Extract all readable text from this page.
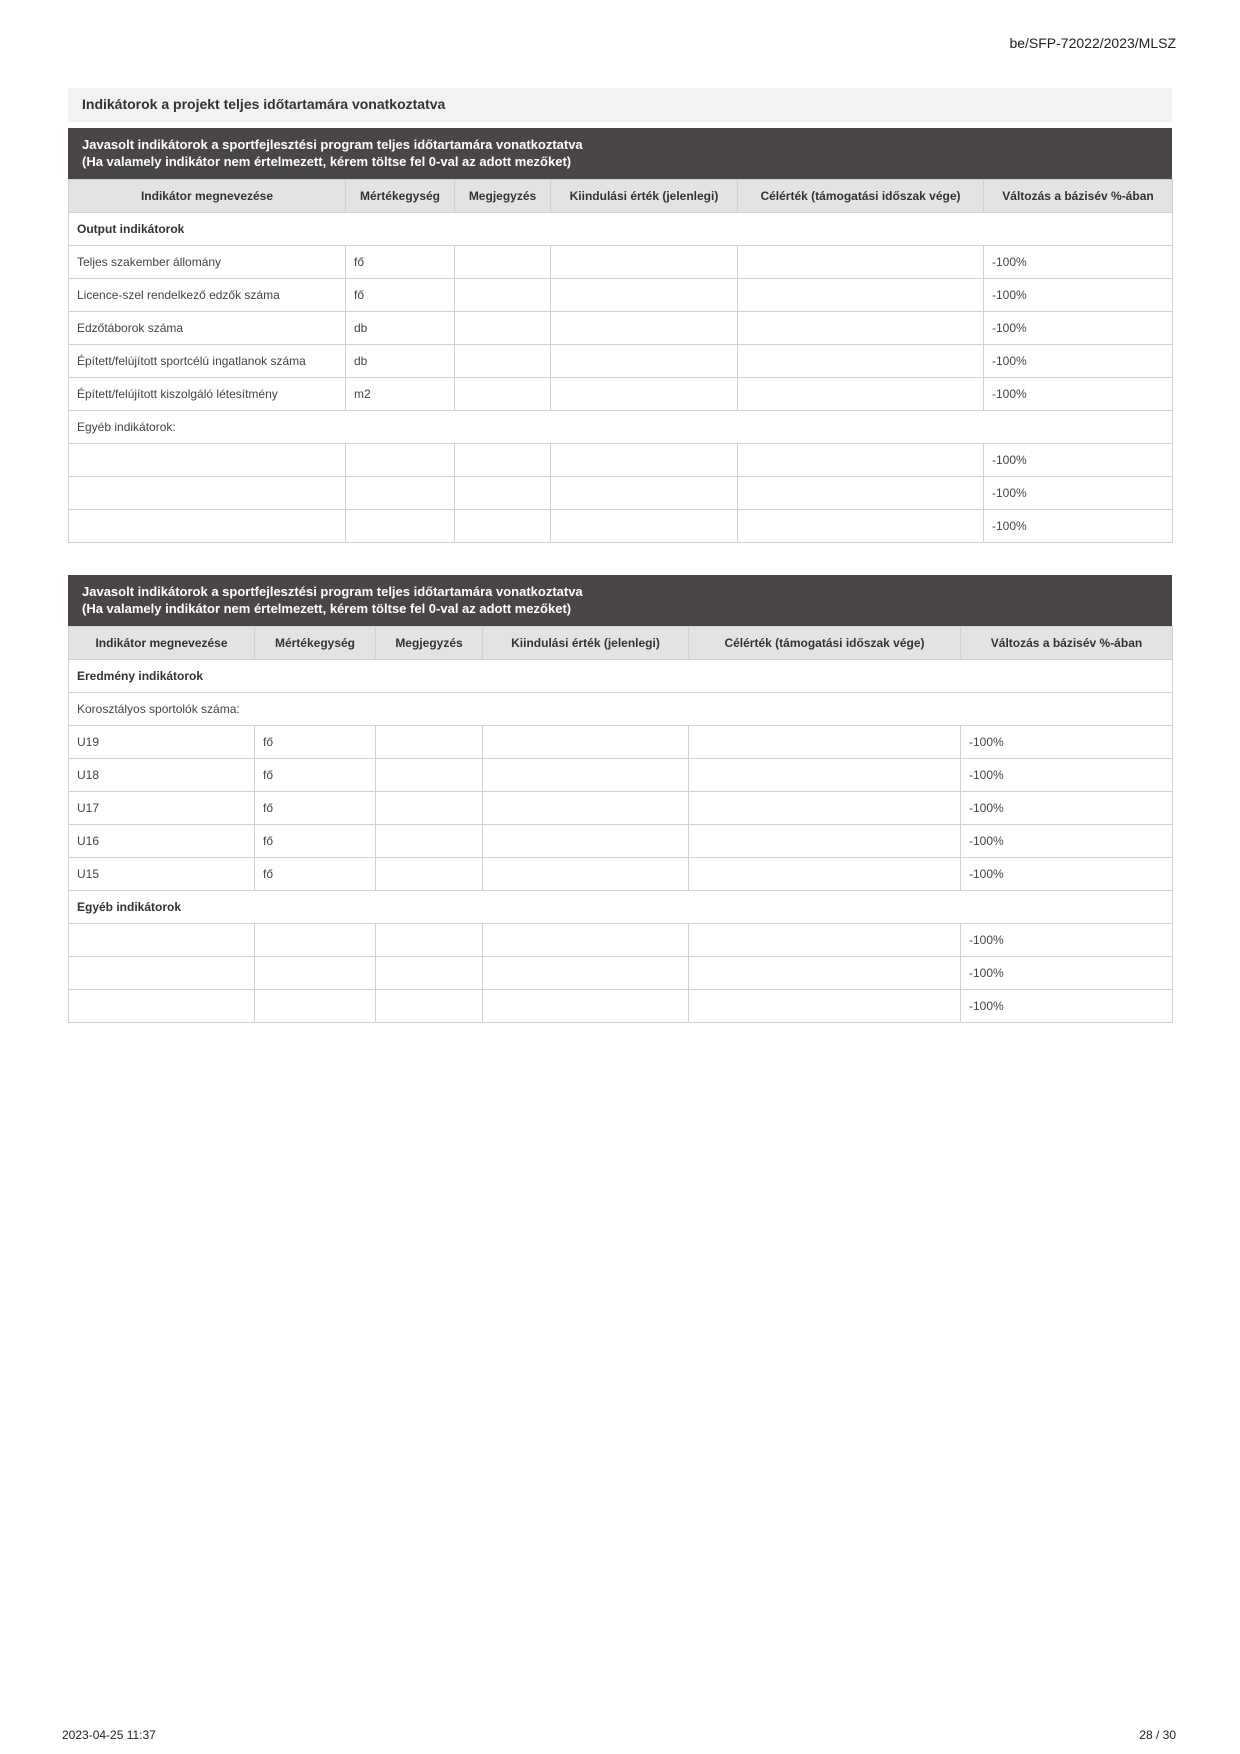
be/SFP-72022/2023/MLSZ
Indikátorok a projekt teljes időtartamára vonatkoztatva
Javasolt indikátorok a sportfejlesztési program teljes időtartamára vonatkoztatva
(Ha valamely indikátor nem értelmezett, kérem töltse fel 0-val az adott mezőket)
Indikátor megnevezése	Mértékegység	Megjegyzés	Kiindulási érték (jelenlegi)	Célérték (támogatási időszak vége)	Változás a bázisév %-ában
Output indikátorok					
Teljes szakember állomány	fő				-100%
Licence-szel rendelkező edzők száma	fő				-100%
Edzőtáborok száma	db				-100%
Épített/felújított sportcélú ingatlanok száma	db				-100%
Épített/felújított kiszolgáló létesítmény	m2				-100%
Egyéb indikátorok:					
					-100%
					-100%
					-100%
Javasolt indikátorok a sportfejlesztési program teljes időtartamára vonatkoztatva
(Ha valamely indikátor nem értelmezett, kérem töltse fel 0-val az adott mezőket)
Indikátor megnevezése	Mértékegység	Megjegyzés	Kiindulási érték (jelenlegi)	Célérték (támogatási időszak vége)	Változás a bázisév %-ában
Eredmény indikátorok					
Korosztályos sportolók száma:					
U19	fő				-100%
U18	fő				-100%
U17	fő				-100%
U16	fő				-100%
U15	fő				-100%
Egyéb indikátorok					
					-100%
					-100%
					-100%
2023-04-25 11:37	28 / 30
